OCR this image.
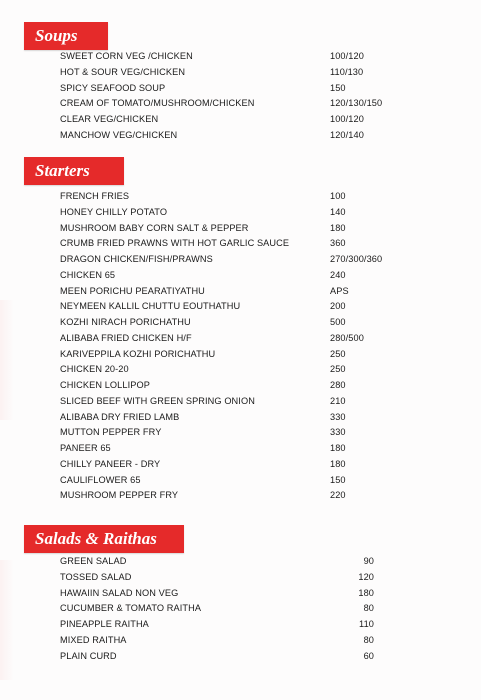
Soups
SWEET CORN VEG /CHICKEN	100/120
HOT & SOUR VEG/CHICKEN	110/130
SPICY SEAFOOD SOUP	150
CREAM OF TOMATO/MUSHROOM/CHICKEN	120/130/150
CLEAR VEG/CHICKEN	100/120
MANCHOW VEG/CHICKEN	120/140
Starters
FRENCH FRIES	100
HONEY CHILLY POTATO	140
MUSHROOM BABY CORN SALT & PEPPER	180
CRUMB FRIED PRAWNS WITH HOT GARLIC SAUCE	360
DRAGON CHICKEN/FISH/PRAWNS	270/300/360
CHICKEN 65	240
MEEN PORICHU PEARATIYATHU	APS
NEYMEEN KALLIL CHUTTU EOUTHATHU	200
KOZHI NIRACH PORICHATHU	500
ALIBABA FRIED CHICKEN H/F	280/500
KARIVEPPILA KOZHI PORICHATHU	250
CHICKEN 20-20	250
CHICKEN LOLLIPOP	280
SLICED BEEF WITH GREEN SPRING ONION	210
ALIBABA DRY FRIED LAMB	330
MUTTON PEPPER FRY	330
PANEER 65	180
CHILLY PANEER - DRY	180
CAULIFLOWER 65	150
MUSHROOM PEPPER FRY	220
Salads & Raithas
GREEN SALAD	90
TOSSED SALAD	120
HAWAIIN SALAD NON VEG	180
CUCUMBER & TOMATO RAITHA	80
PINEAPPLE RAITHA	110
MIXED RAITHA	80
PLAIN CURD	60
